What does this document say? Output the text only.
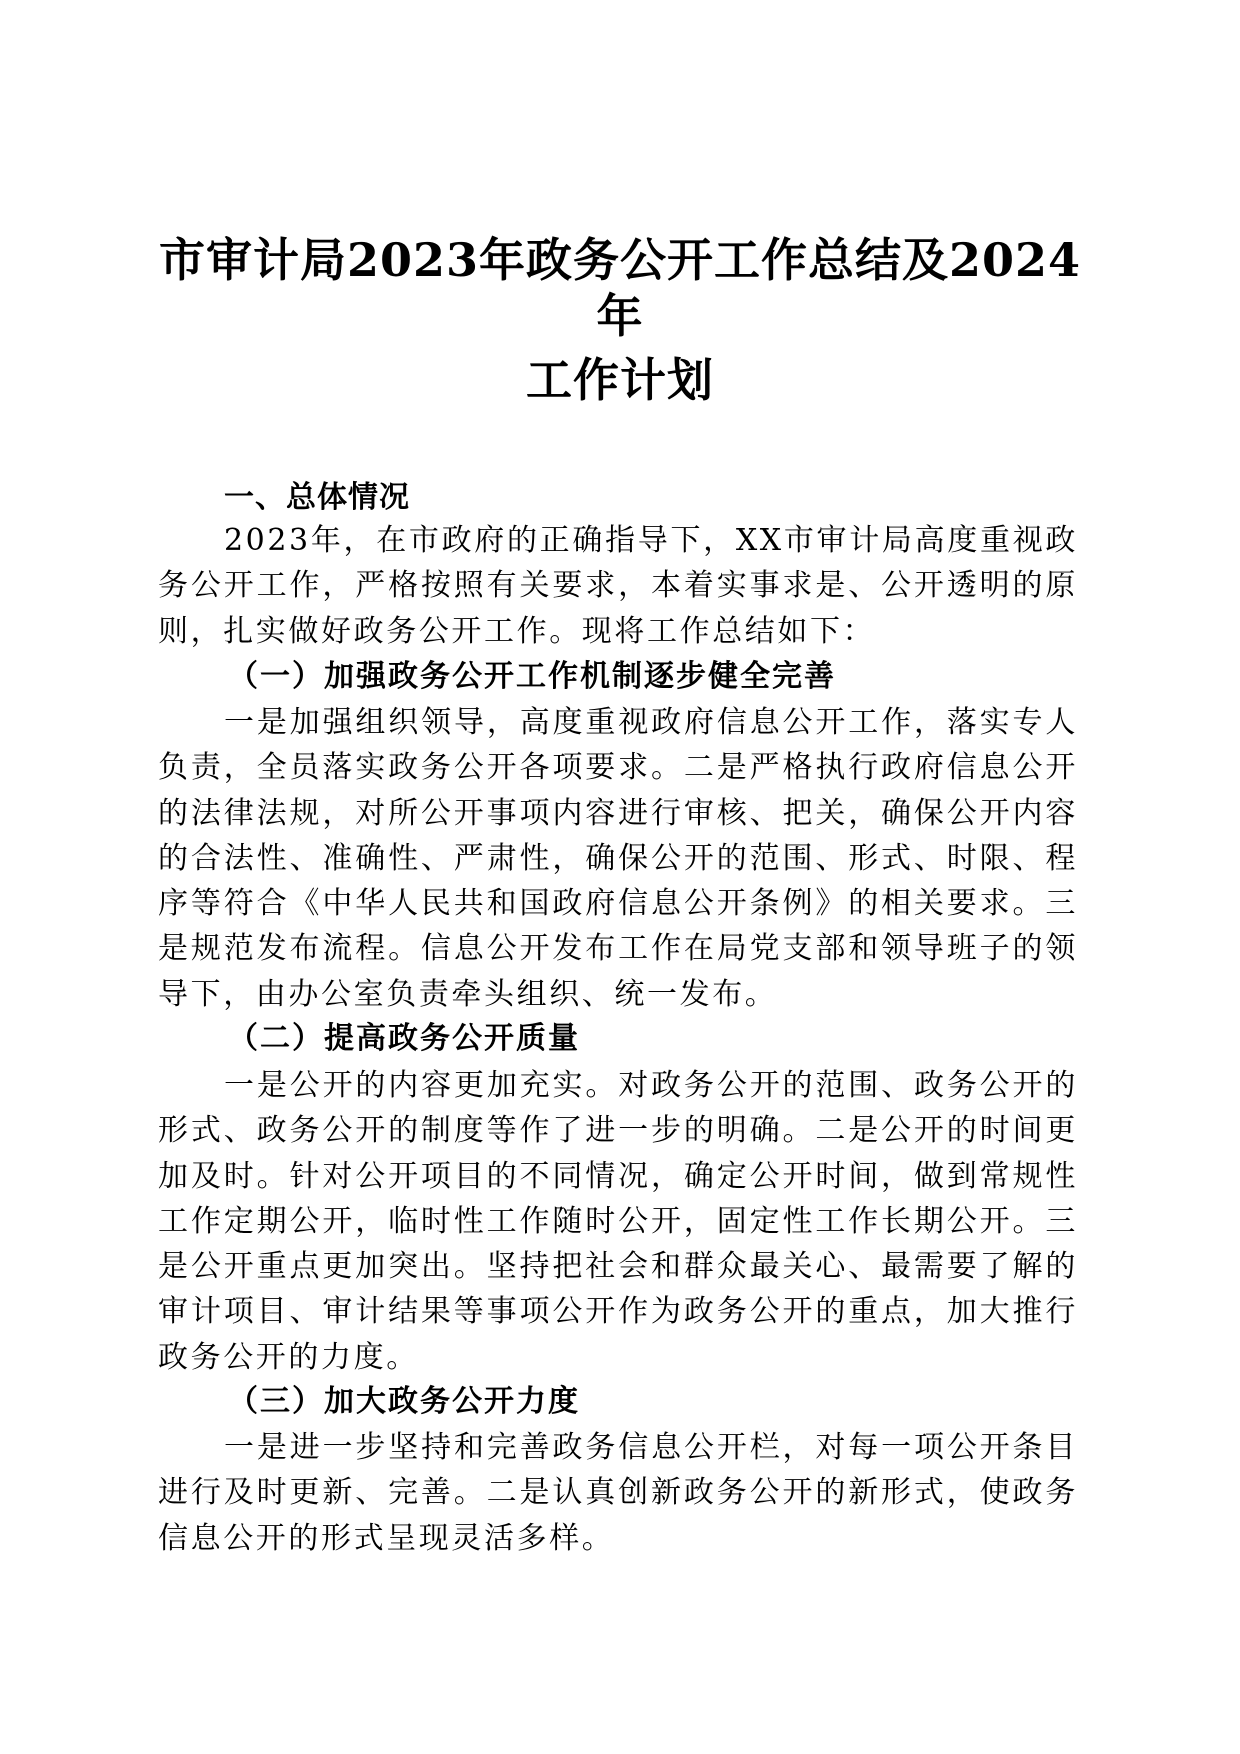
市审计局2023年政务公开工作总结及2024年
工作计划
一、总体情况

2023年，在市政府的正确指导下，XX市审计局高度重视政务公开工作，严格按照有关要求，本着实事求是、公开透明的原则，扎实做好政务公开工作。现将工作总结如下：

（一）加强政务公开工作机制逐步健全完善

一是加强组织领导，高度重视政府信息公开工作，落实专人负责，全员落实政务公开各项要求。二是严格执行政府信息公开的法律法规，对所公开事项内容进行审核、把关，确保公开内容的合法性、准确性、严肃性，确保公开的范围、形式、时限、程序等符合《中华人民共和国政府信息公开条例》的相关要求。三是规范发布流程。信息公开发布工作在局党支部和领导班子的领导下，由办公室负责牵头组织、统一发布。

（二）提高政务公开质量

一是公开的内容更加充实。对政务公开的范围、政务公开的形式、政务公开的制度等作了进一步的明确。二是公开的时间更加及时。针对公开项目的不同情况，确定公开时间，做到常规性工作定期公开，临时性工作随时公开，固定性工作长期公开。三是公开重点更加突出。坚持把社会和群众最关心、最需要了解的审计项目、审计结果等事项公开作为政务公开的重点，加大推行政务公开的力度。

（三）加大政务公开力度

一是进一步坚持和完善政务信息公开栏，对每一项公开条目进行及时更新、完善。二是认真创新政务公开的新形式，使政务信息公开的形式呈现灵活多样。
